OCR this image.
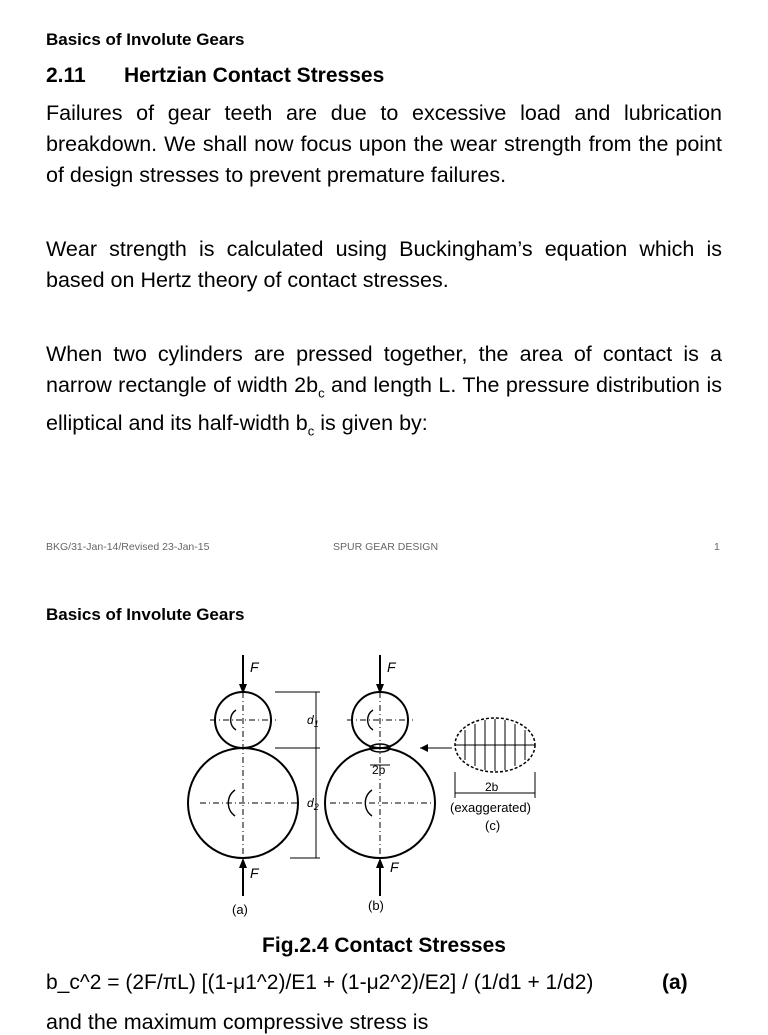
Basics of Involute Gears
2.11 Hertzian Contact Stresses
Failures of gear teeth are due to excessive load and lubrication breakdown. We shall now focus upon the wear strength from the point of design stresses to prevent premature failures.
Wear strength is calculated using Buckingham’s equation which is based on Hertz theory of contact stresses.
When two cylinders are pressed together, the area of contact is a narrow rectangle of width $2b_c$ and length L. The pressure distribution is elliptical and its half-width $b_c$ is given by:
BKG/31-Jan-14/Revised 23-Jan-15	SPUR GEAR DESIGN	1
Basics of Involute Gears
F
F
F
F
$d_1$
$d_2$
2b
2b
(exaggerated)
(c)
(a)	(b)
Fig.2.4 Contact Stresses
b_c^2 = (2F/πL) [(1-μ1^2)/E1 + (1-μ2^2)/E2] / (1/d1 + 1/d2)	(a)
and the maximum compressive stress is
